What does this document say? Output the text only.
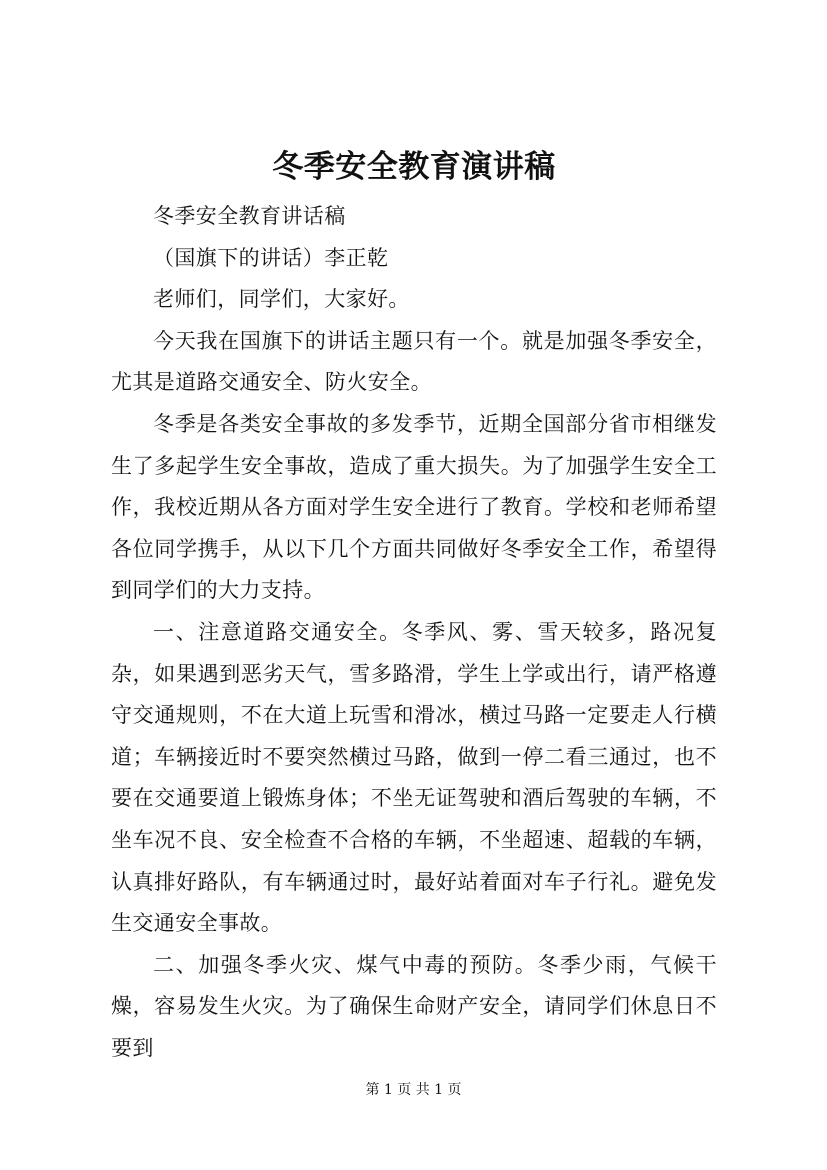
冬季安全教育演讲稿

冬季安全教育讲话稿

（国旗下的讲话）李正乾

老师们，同学们，大家好。

今天我在国旗下的讲话主题只有一个。就是加强冬季安全，尤其是道路交通安全、防火安全。

冬季是各类安全事故的多发季节，近期全国部分省市相继发生了多起学生安全事故，造成了重大损失。为了加强学生安全工作，我校近期从各方面对学生安全进行了教育。学校和老师希望各位同学携手，从以下几个方面共同做好冬季安全工作，希望得到同学们的大力支持。

一、注意道路交通安全。冬季风、雾、雪天较多，路况复杂，如果遇到恶劣天气，雪多路滑，学生上学或出行，请严格遵守交通规则，不在大道上玩雪和滑冰，横过马路一定要走人行横道；车辆接近时不要突然横过马路，做到一停二看三通过，也不要在交通要道上锻炼身体；不坐无证驾驶和酒后驾驶的车辆，不坐车况不良、安全检查不合格的车辆，不坐超速、超载的车辆，认真排好路队，有车辆通过时，最好站着面对车子行礼。避免发生交通安全事故。

二、加强冬季火灾、煤气中毒的预防。冬季少雨，气候干燥，容易发生火灾。为了确保生命财产安全，请同学们休息日不要到

第 1 页 共 1 页
